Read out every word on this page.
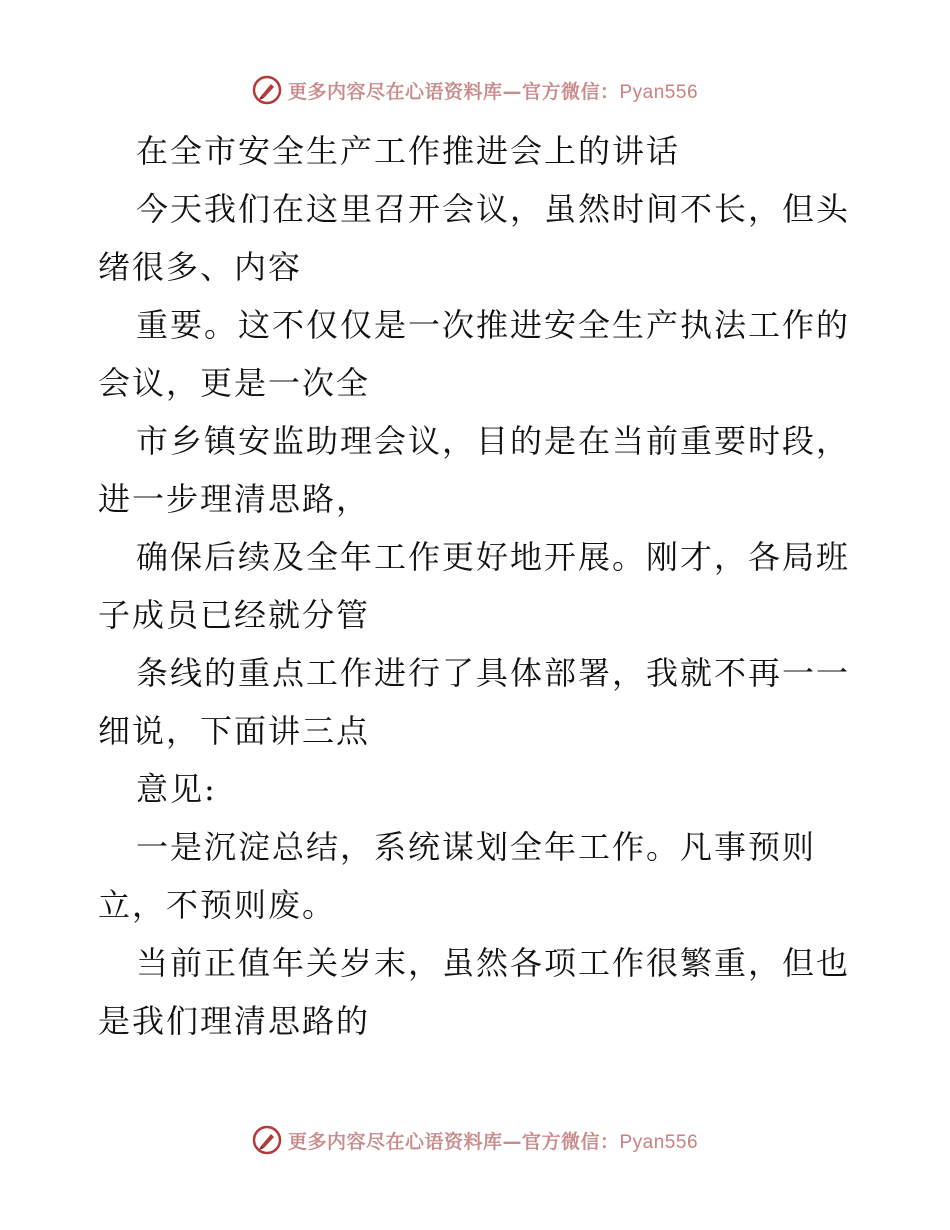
更多内容尽在心语资料库—官方微信：Pyan556

在全市安全生产工作推进会上的讲话

今天我们在这里召开会议，虽然时间不长，但头

绪很多、内容

重要。这不仅仅是一次推进安全生产执法工作的

会议，更是一次全

市乡镇安监助理会议，目的是在当前重要时段，

进一步理清思路，

确保后续及全年工作更好地开展。刚才，各局班

子成员已经就分管

条线的重点工作进行了具体部署，我就不再一一

细说，下面讲三点

意见:

一是沉淀总结，系统谋划全年工作。凡事预则

立，不预则废。

当前正值年关岁末，虽然各项工作很繁重，但也

是我们理清思路的

更多内容尽在心语资料库—官方微信：Pyan556
